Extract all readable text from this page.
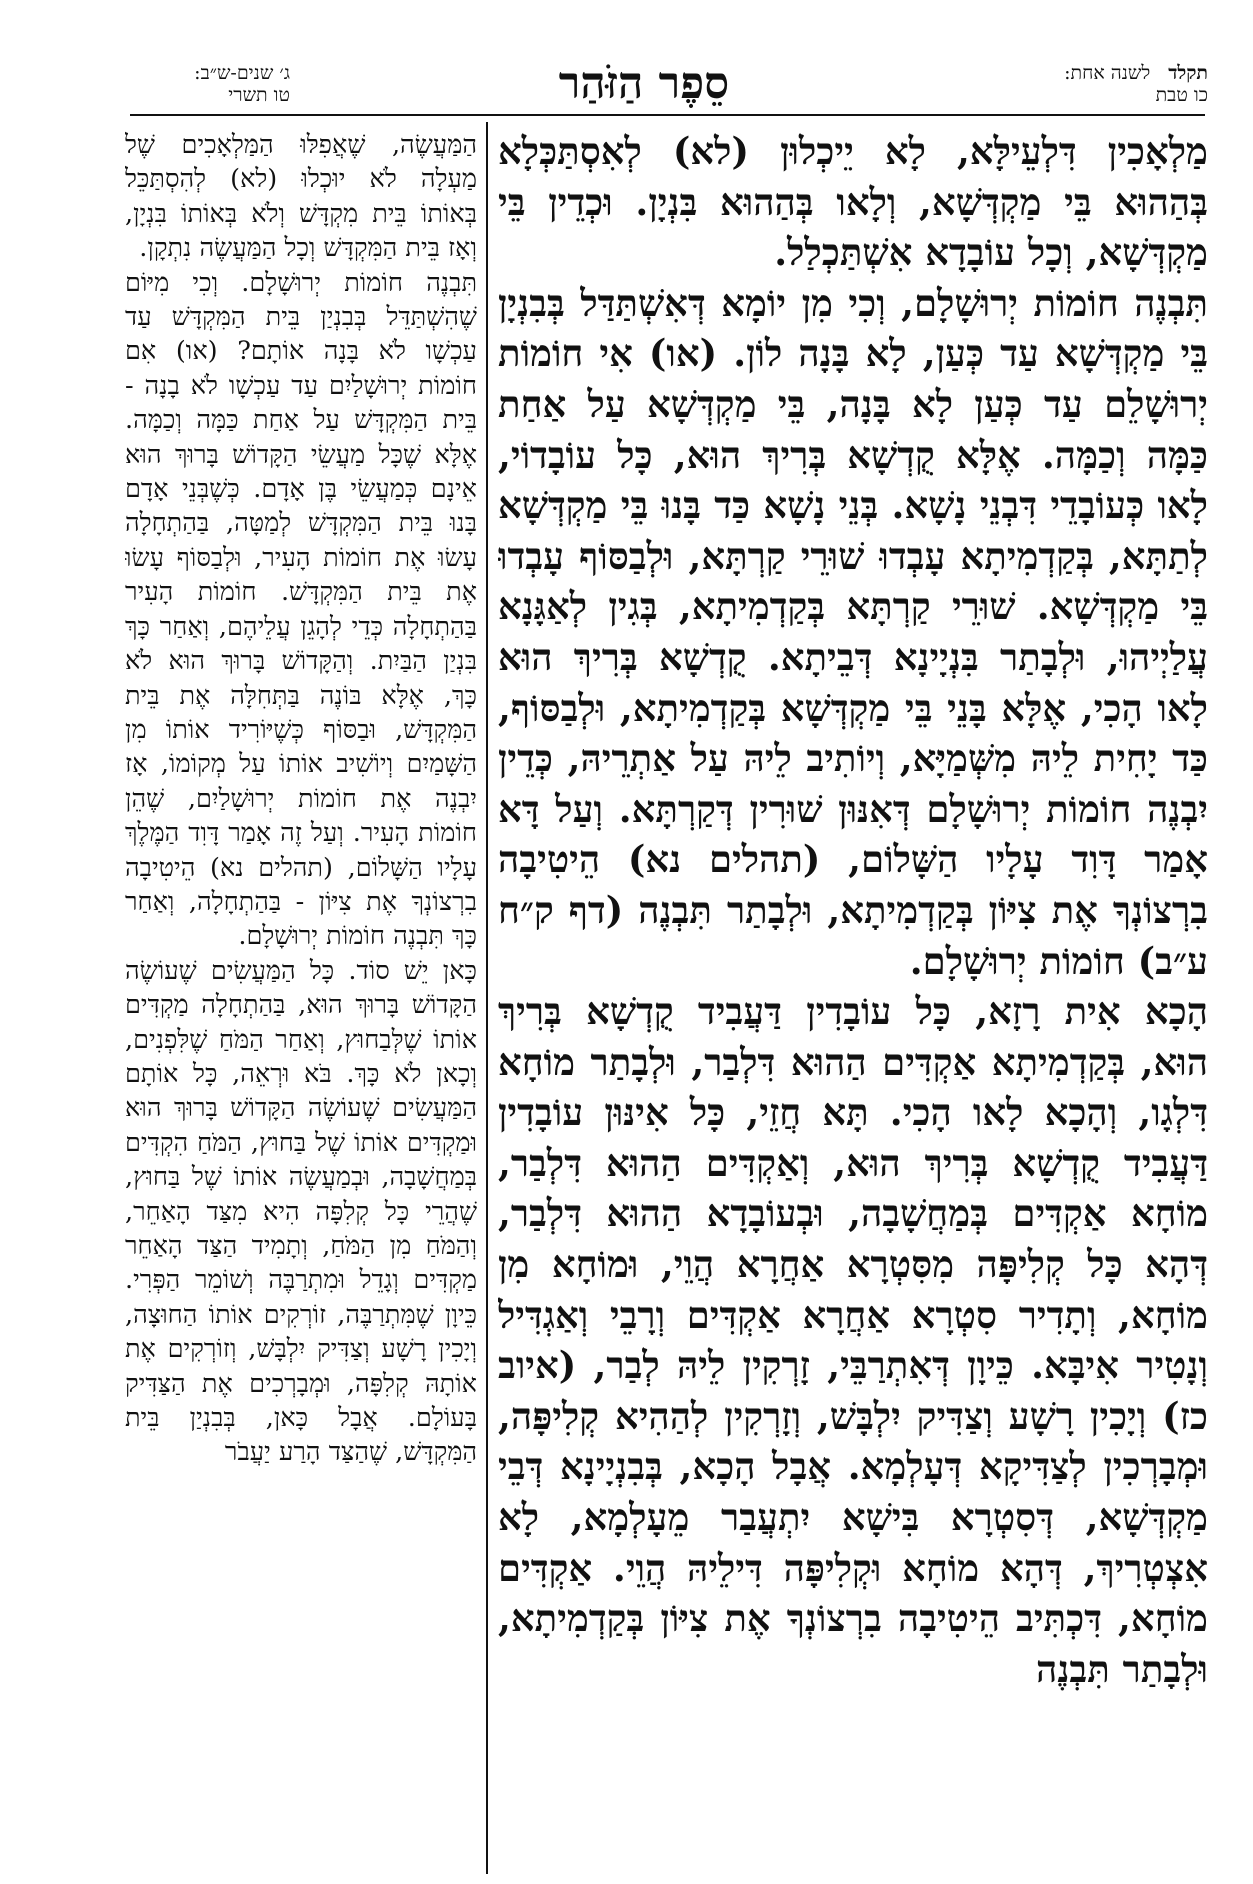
תקלד
לשנה אחת:
כו טבת
סֵפֶר הַזֹּהַר
ג׳ שנים-ש״ב:
טו תשרי

מַלְאָכִין דִּלְעֵילָּא, לָא יֵיכְלוּן (לא) לְאִסְתַּכְּלָא בְּהַהוּא בֵּי מַקְדְּשָׁא, וְלָאו בְּהַהוּא בִּנְיָן. וּכְדֵין בֵּי מַקְדְּשָׁא, וְכָל עוֹבָדָא אִשְׁתַּכְלַל.

תִּבְנֶה חוֹמוֹת יְרוּשָׁלָם, וְכִי מִן יוֹמָא דְּאִשְׁתַּדַּל בְּבִנְיָן בֵּי מַקְדְּשָׁא עַד כְּעַן, לָא בָּנָה לוֹן. (או) אִי חוֹמוֹת יְרוּשָׁלֵם עַד כְּעַן לָא בָּנָה, בֵּי מַקְדְּשָׁא עַל אַחַת כַּמָּה וְכַמָּה. אֶלָּא קֻדְשָׁא בְּרִיךְ הוּא, כָּל עוֹבָדוֹי, לָאו כְּעוֹבָדֵי דִּבְנֵי נָשָׁא. בְּנֵי נָשָׁא כַּד בָּנוּ בֵּי מַקְדְּשָׁא לְתַתָּא, בְּקַדְמִיתָא עָבְדוּ שׁוּרֵי קַרְתָּא, וּלְבַסּוֹף עָבְדוּ בֵּי מַקְדְּשָׁא. שׁוּרֵי קַרְתָּא בְּקַדְמִיתָא, בְּגִין לְאַגָּנָא עֲלַיְיהוּ, וּלְבָתַר בִּנְיָינָא דְּבֵיתָא. קֻדְשָׁא בְּרִיךְ הוּא לָאו הָכִי, אֶלָּא בָּנֵי בֵּי מַקְדְּשָׁא בְּקַדְמִיתָא, וּלְבַסּוֹף, כַּד יָחִית לֵיהּ מִשְּׁמַיָּא, וְיוֹתִיב לֵיהּ עַל אַתְרֵיהּ, כְּדֵין יִבְנֶה חוֹמוֹת יְרוּשָׁלָם דְּאִנּוּן שׁוּרִין דְּקַרְתָּא. וְעַל דָּא אָמַר דָּוִד עָלָיו הַשָּׁלוֹם, (תהלים נא) הֵיטִיבָה בִרְצוֹנְךָ אֶת צִיּוֹן בְּקַדְמִיתָא, וּלְבָתַר תִּבְנֶה (דף ק״ח ע״ב) חוֹמוֹת יְרוּשָׁלָם.

הָכָא אִית רָזָא, כָּל עוֹבָדִין דַּעֲבִיד קֻדְשָׁא בְּרִיךְ הוּא, בְּקַדְמִיתָא אַקְדִּים הַהוּא דִּלְבַר, וּלְבָתַר מוֹחָא דִּלְגָו, וְהָכָא לָאו הָכִי. תָּא חֲזֵי, כָּל אִינּוּן עוֹבָדִין דַּעֲבִיד קֻדְשָׁא בְּרִיךְ הוּא, וְאַקְדִּים הַהוּא דִּלְבַר, מוֹחָא אַקְדִּים בְּמַחֲשָׁבָה, וּבְעוֹבָדָא הַהוּא דִּלְבַר, דְּהָא כָּל קְלִיפָּה מִסִּטְרָא אַחֲרָא הֲוֵי, וּמוֹחָא מִן מוֹחָא, וְתָדִיר סִטְרָא אַחֲרָא אַקְדִּים וְרָבֵי וְאַגְדִּיל וְנָטִיר אִיבָּא. כֵּיוָן דְּאִתְרַבֵּי, זָרְקִין לֵיהּ לְבַר, (איוב כז) וְיָכִין רָשָׁע וְצַדִּיק יִלְבָּשׁ, וְזָרְקִין לְהַהִיא קְלִיפָּה, וּמְבָרְכִין לְצַדִּיקָא דְּעָלְמָא. אֲבָל הָכָא, בְּבִנְיָינָא דְּבֵי מַקְדְּשָׁא, דְּסִטְרָא בִּישָׁא יִתְעֲבַר מֵעָלְמָא, לָא אִצְטְרִיךְ, דְּהָא מוֹחָא וּקְלִיפָּה דִּילֵיהּ הֲוֵי. אַקְדִּים מוֹחָא, דִּכְתִּיב הֵיטִיבָה בִרְצוֹנְךָ אֶת צִיּוֹן בְּקַדְמִיתָא, וּלְבָתַר תִּבְנֶה

הַמַּעֲשֶׂה, שֶׁאֲפִלּוּ הַמַּלְאָכִים שֶׁל מַעְלָה לֹא יוּכְלוּ (לא) לְהִסְתַּכֵּל בְּאוֹתוֹ בֵּית מִקְדָּשׁ וְלֹא בְּאוֹתוֹ בִּנְיָן, וְאָז בֵּית הַמִּקְדָּשׁ וְכָל הַמַּעֲשֶׂה נִתְקָן.

תִּבְנֶה חוֹמוֹת יְרוּשָׁלָם. וְכִי מִיּוֹם שֶׁהִשְׁתַּדֵּל בְּבִנְיַן בֵּית הַמִּקְדָּשׁ עַד עַכְשָׁו לֹא בָּנָה אוֹתָם? (או) אִם חוֹמוֹת יְרוּשָׁלַיִם עַד עַכְשָׁו לֹא בָנָה - בֵּית הַמִּקְדָּשׁ עַל אַחַת כַּמָּה וְכַמָּה. אֶלָּא שֶׁכָּל מַעֲשֵׂי הַקָּדוֹשׁ בָּרוּךְ הוּא אֵינָם כְּמַעֲשֵׂי בֶּן אָדָם. כְּשֶׁבְּנֵי אָדָם בָּנוּ בֵּית הַמִּקְדָּשׁ לְמַטָּה, בַּהַתְחָלָה עָשׂוּ אֶת חוֹמוֹת הָעִיר, וּלְבַסּוֹף עָשׂוּ אֶת בֵּית הַמִּקְדָּשׁ. חוֹמוֹת הָעִיר בַּהַתְחָלָה כְּדֵי לְהָגֵן עֲלֵיהֶם, וְאַחַר כָּךְ בִּנְיַן הַבַּיִת. וְהַקָּדוֹשׁ בָּרוּךְ הוּא לֹא כָּךְ, אֶלָּא בּוֹנֶה בַּתְּחִלָּה אֶת בֵּית הַמִּקְדָּשׁ, וּבַסּוֹף כְּשֶׁיּוֹרִיד אוֹתוֹ מִן הַשָּׁמַיִם וְיוֹשִׁיב אוֹתוֹ עַל מְקוֹמוֹ, אָז יִבְנֶה אֶת חוֹמוֹת יְרוּשָׁלַיִם, שֶׁהֵן חוֹמוֹת הָעִיר. וְעַל זֶה אָמַר דָּוִד הַמֶּלֶךְ עָלָיו הַשָּׁלוֹם, (תהלים נא) הֵיטִיבָה בִרְצוֹנְךָ אֶת צִיּוֹן - בַּהַתְחָלָה, וְאַחַר כָּךְ תִּבְנֶה חוֹמוֹת יְרוּשָׁלָם.

כָּאן יֵשׁ סוֹד. כָּל הַמַּעֲשִׂים שֶׁעוֹשֶׂה הַקָּדוֹשׁ בָּרוּךְ הוּא, בַּהַתְחָלָה מַקְדִּים אוֹתוֹ שֶׁלְּבַחוּץ, וְאַחַר הַמֹּחַ שֶׁלִּפְנִים, וְכָאן לֹא כָּךְ. בֹּא וּרְאֵה, כָּל אוֹתָם הַמַּעֲשִׂים שֶׁעוֹשֶׂה הַקָּדוֹשׁ בָּרוּךְ הוּא וּמַקְדִּים אוֹתוֹ שֶׁל בַּחוּץ, הַמֹּחַ הִקְדִּים בְּמַחֲשָׁבָה, וּבְמַעֲשֶׂה אוֹתוֹ שֶׁל בַּחוּץ, שֶׁהֲרֵי כָּל קְלִפָּה הִיא מִצַּד הָאַחֵר, וְהַמֹּחַ מִן הַמֹּחַ, וְתָמִיד הַצַּד הָאַחֵר מַקְדִּים וְגָדֵל וּמִתְרַבֶּה וְשׁוֹמֵר הַפְּרִי. כֵּיוָן שֶׁמִּתְרַבֶּה, זוֹרְקִים אוֹתוֹ הַחוּצָה, וְיָכִין רָשָׁע וְצַדִּיק יִלְבָּשׁ, וְזוֹרְקִים אֶת אוֹתָהּ קְלִפָּה, וּמְבָרְכִים אֶת הַצַּדִּיק בָּעוֹלָם. אֲבָל כָּאן, בְּבִנְיַן בֵּית הַמִּקְדָּשׁ, שֶׁהַצַּד הָרַע יַעֲבֹר
